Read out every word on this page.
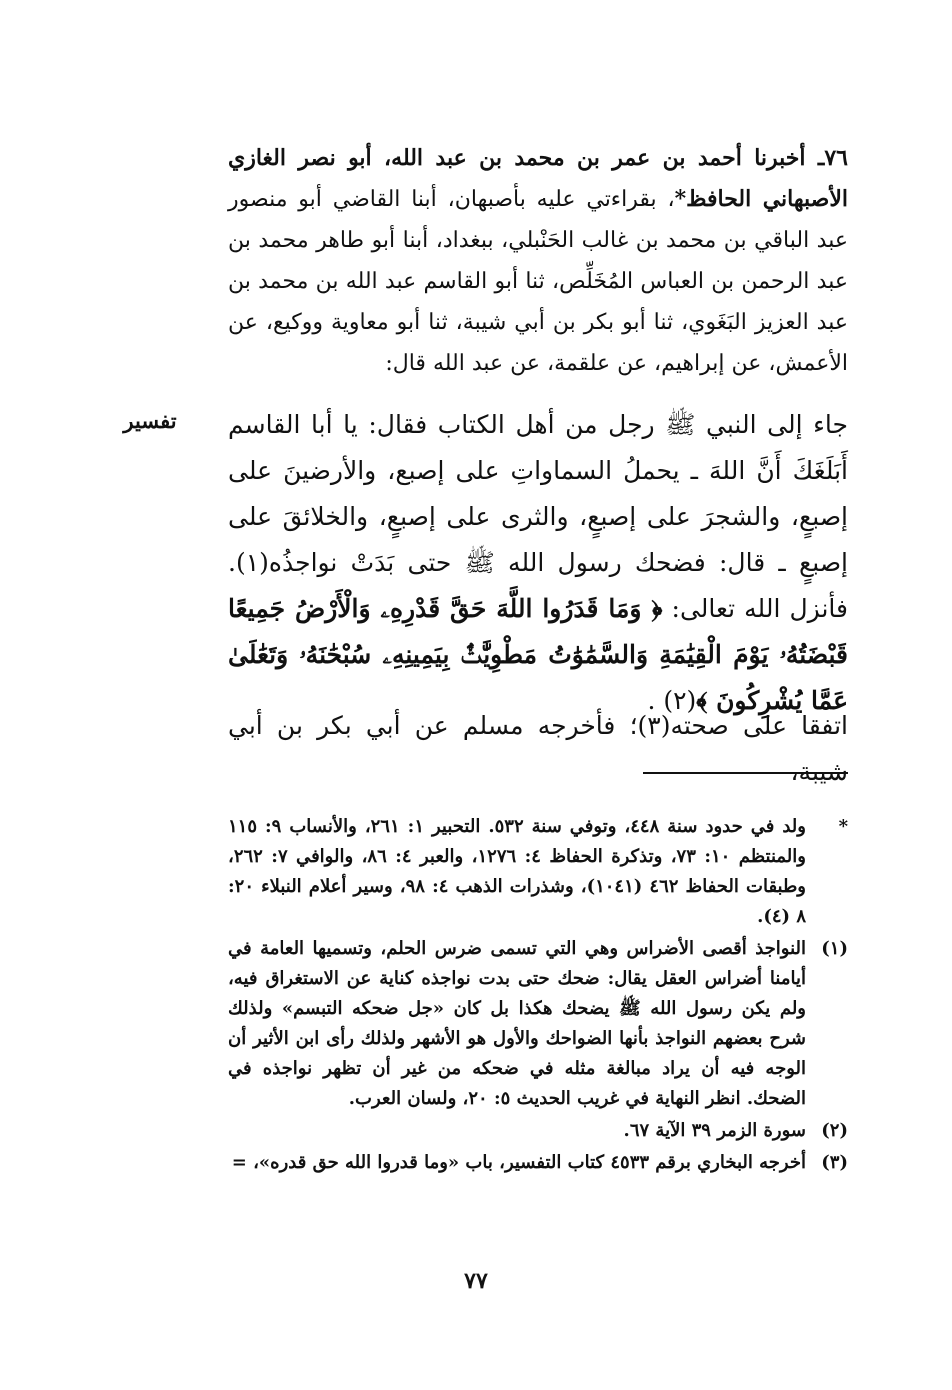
٧٦ـ أخبرنا أحمد بن عمر بن محمد بن عبد الله، أبو نصر الغازي الأصبهاني الحافظ*، بقراءتي عليه بأصبهان، أبنا القاضي أبو منصور عبد الباقي بن محمد بن غالب الحَنْبلي، ببغداد، أبنا أبو طاهر محمد بن عبد الرحمن بن العباس المُخَلِّص، ثنا أبو القاسم عبد الله بن محمد بن عبد العزيز البَغَوي، ثنا أبو بكر بن أبي شيبة، ثنا أبو معاوية ووكيع، عن الأعمش، عن إبراهيم، عن علقمة، عن عبد الله قال:

تفسير	جاء إلى النبي ﷺ رجل من أهل الكتاب فقال: يا أبا القاسم أَبَلَغَكَ أَنَّ اللهَ ـ يحملُ السماواتِ على إصبع، والأرضينَ على إصبعٍ، والشجرَ على إصبعٍ، والثرى على إصبعٍ، والخلائقَ على إصبعٍ ـ قال: فضحك رسول الله ﷺ حتى بَدَتْ نواجذُه(١). فأنزل الله تعالى: ﴿ وَمَا قَدَرُوا اللَّهَ حَقَّ قَدْرِهِۦ وَالْأَرْضُ جَمِيعًا قَبْضَتُهُۥ يَوْمَ الْقِيَٰمَةِ وَالسَّمَٰوَٰتُ مَطْوِيَّٰتٌۢ بِيَمِينِهِۦ سُبْحَٰنَهُۥ وَتَعَٰلَىٰ عَمَّا يُشْرِكُونَ ﴾(٢) .

اتفقا على صحته(٣)؛ فأخرجه مسلم عن أبي بكر بن أبي شيبة،

*
ولد في حدود سنة ٤٤٨، وتوفي سنة ٥٣٢. التحبير ١: ٢٦١، والأنساب ٩: ١١٥ والمنتظم ١٠: ٧٣، وتذكرة الحفاظ ٤: ١٢٧٦، والعبر ٤: ٨٦، والوافي ٧: ٢٦٢، وطبقات الحفاظ ٤٦٢ (١٠٤١)، وشذرات الذهب ٤: ٩٨، وسير أعلام النبلاء ٢٠: ٨ (٤).
(١)
النواجذ أقصى الأضراس وهي التي تسمى ضرس الحلم، وتسميها العامة في أيامنا أضراس العقل يقال: ضحك حتى بدت نواجذه كناية عن الاستغراق فيه، ولم يكن رسول الله ﷺ يضحك هكذا بل كان «جل ضحكه التبسم» ولذلك شرح بعضهم النواجذ بأنها الضواحك والأول هو الأشهر ولذلك رأى ابن الأثير أن الوجه فيه أن يراد مبالغة مثله في ضحكه من غير أن تظهر نواجذه في الضحك. انظر النهاية في غريب الحديث ٥: ٢٠، ولسان العرب.
(٢)
سورة الزمر ٣٩ الآية ٦٧.
(٣)
أخرجه البخاري برقم ٤٥٣٣ كتاب التفسير، باب «وما قدروا الله حق قدره»، =
٧٧
